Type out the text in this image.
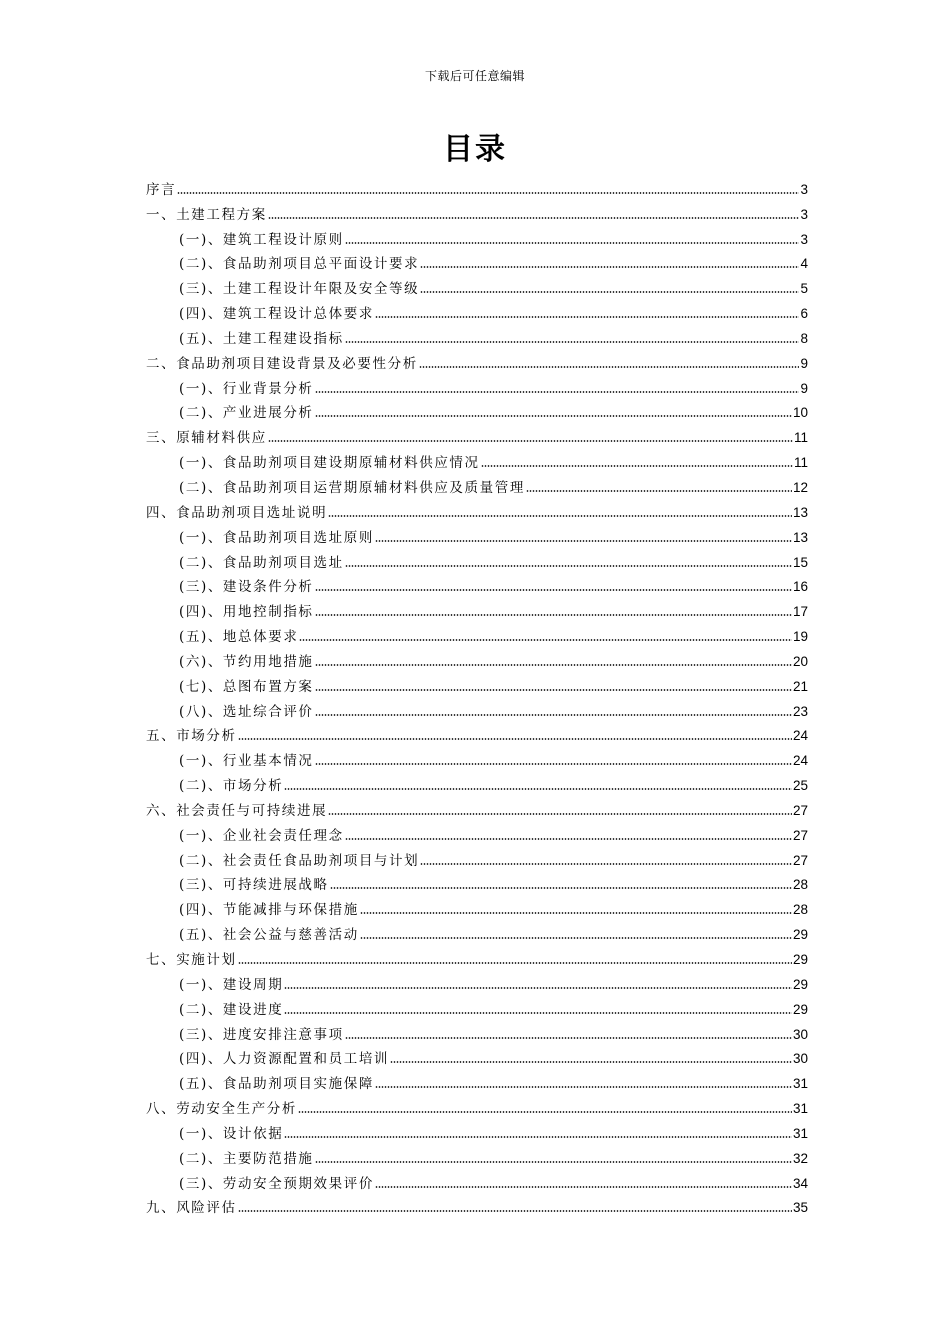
下载后可任意编辑
目录
序言	3
一、土建工程方案	3
(一)、建筑工程设计原则	3
(二)、食品助剂项目总平面设计要求	4
(三)、土建工程设计年限及安全等级	5
(四)、建筑工程设计总体要求	6
(五)、土建工程建设指标	8
二、食品助剂项目建设背景及必要性分析	9
(一)、行业背景分析	9
(二)、产业进展分析	10
三、原辅材料供应	11
(一)、食品助剂项目建设期原辅材料供应情况	11
(二)、食品助剂项目运营期原辅材料供应及质量管理	12
四、食品助剂项目选址说明	13
(一)、食品助剂项目选址原则	13
(二)、食品助剂项目选址	15
(三)、建设条件分析	16
(四)、用地控制指标	17
(五)、地总体要求	19
(六)、节约用地措施	20
(七)、总图布置方案	21
(八)、选址综合评价	23
五、市场分析	24
(一)、行业基本情况	24
(二)、市场分析	25
六、社会责任与可持续进展	27
(一)、企业社会责任理念	27
(二)、社会责任食品助剂项目与计划	27
(三)、可持续进展战略	28
(四)、节能减排与环保措施	28
(五)、社会公益与慈善活动	29
七、实施计划	29
(一)、建设周期	29
(二)、建设进度	29
(三)、进度安排注意事项	30
(四)、人力资源配置和员工培训	30
(五)、食品助剂项目实施保障	31
八、劳动安全生产分析	31
(一)、设计依据	31
(二)、主要防范措施	32
(三)、劳动安全预期效果评价	34
九、风险评估	35
